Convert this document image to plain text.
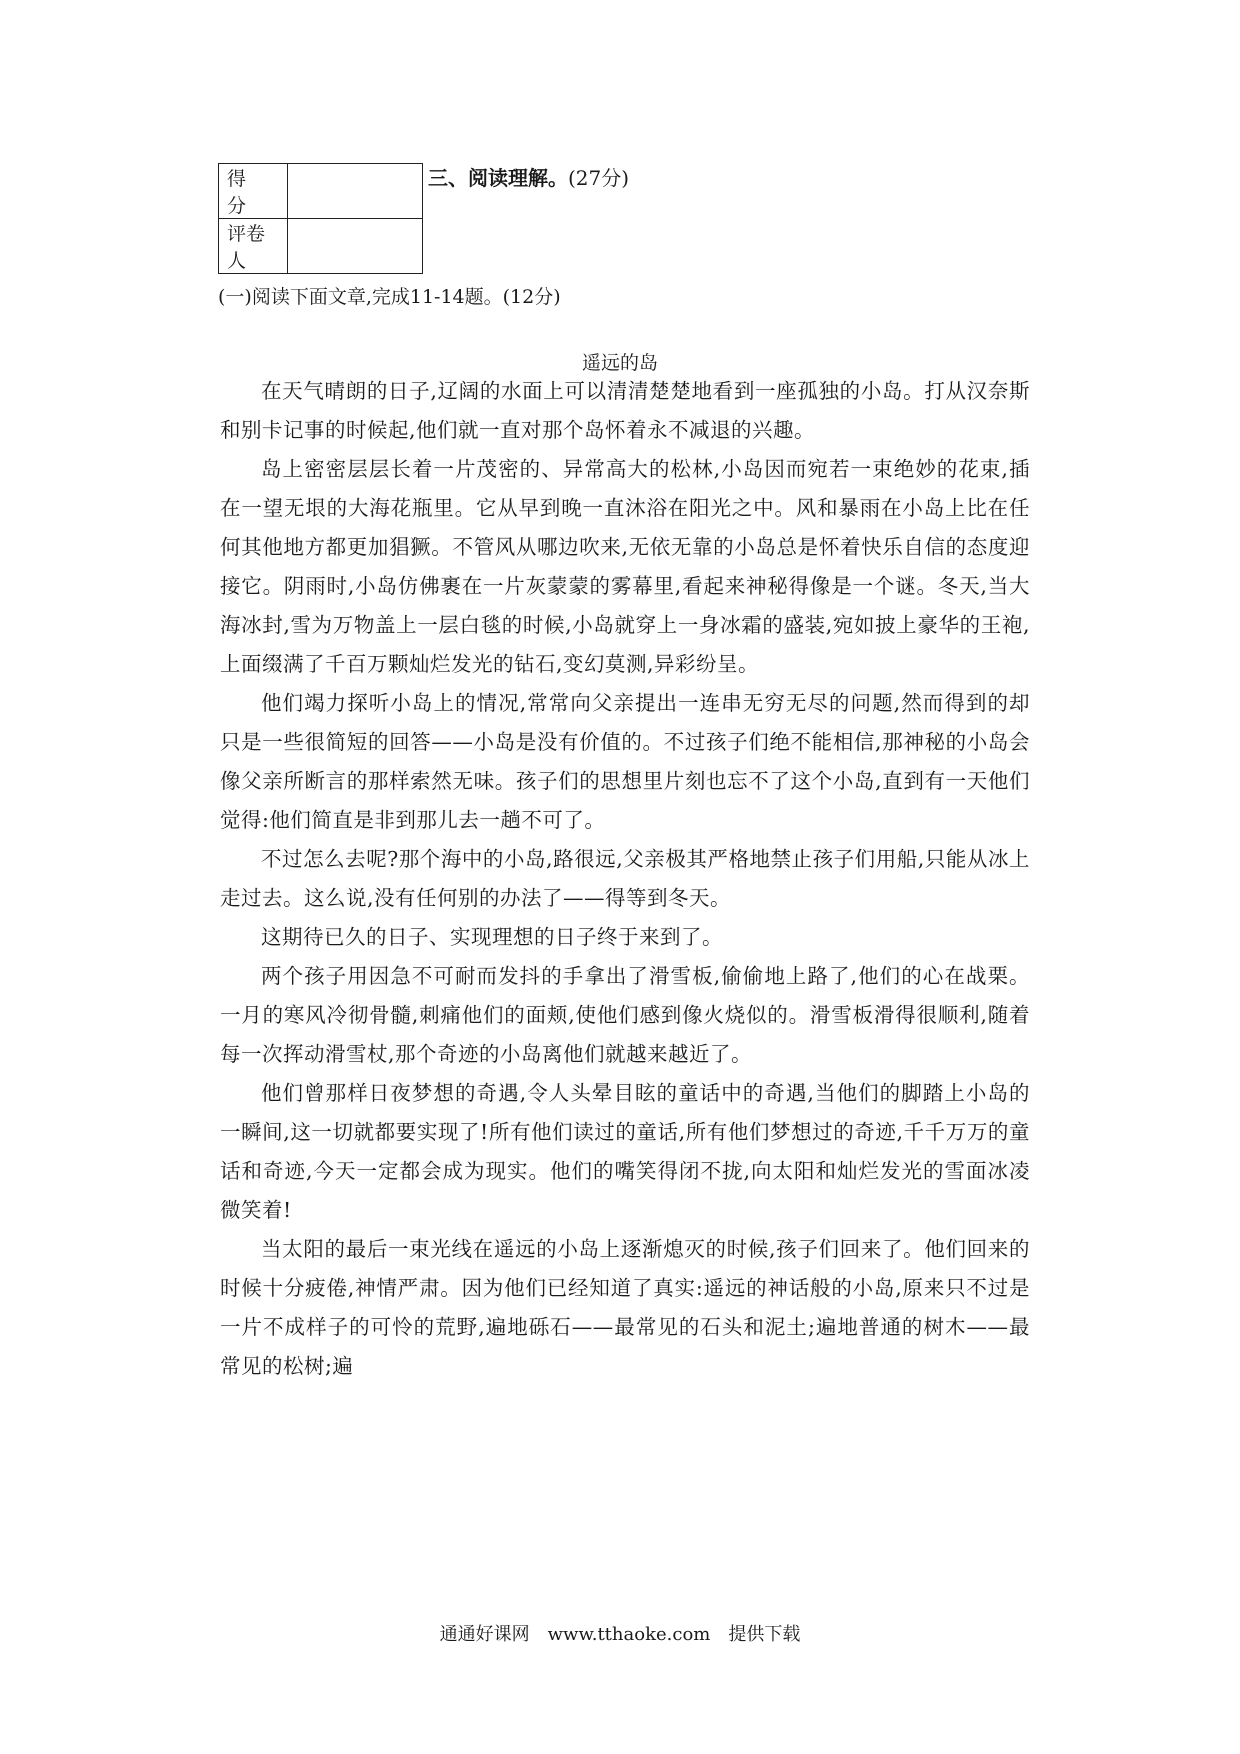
得　分	
评卷人	
三、阅读理解。(27分)
(一)阅读下面文章,完成11-14题。(12分)
遥远的岛

在天气晴朗的日子,辽阔的水面上可以清清楚楚地看到一座孤独的小岛。打从汉奈斯和别卡记事的时候起,他们就一直对那个岛怀着永不减退的兴趣。

岛上密密层层长着一片茂密的、异常高大的松林,小岛因而宛若一束绝妙的花束,插在一望无垠的大海花瓶里。它从早到晚一直沐浴在阳光之中。风和暴雨在小岛上比在任何其他地方都更加猖獗。不管风从哪边吹来,无依无靠的小岛总是怀着快乐自信的态度迎接它。阴雨时,小岛仿佛裹在一片灰蒙蒙的雾幕里,看起来神秘得像是一个谜。冬天,当大海冰封,雪为万物盖上一层白毯的时候,小岛就穿上一身冰霜的盛装,宛如披上豪华的王袍,上面缀满了千百万颗灿烂发光的钻石,变幻莫测,异彩纷呈。

他们竭力探听小岛上的情况,常常向父亲提出一连串无穷无尽的问题,然而得到的却只是一些很简短的回答——小岛是没有价值的。不过孩子们绝不能相信,那神秘的小岛会像父亲所断言的那样索然无味。孩子们的思想里片刻也忘不了这个小岛,直到有一天他们觉得:他们简直是非到那儿去一趟不可了。

不过怎么去呢?那个海中的小岛,路很远,父亲极其严格地禁止孩子们用船,只能从冰上走过去。这么说,没有任何别的办法了——得等到冬天。

这期待已久的日子、实现理想的日子终于来到了。

两个孩子用因急不可耐而发抖的手拿出了滑雪板,偷偷地上路了,他们的心在战栗。一月的寒风冷彻骨髓,刺痛他们的面颊,使他们感到像火烧似的。滑雪板滑得很顺利,随着每一次挥动滑雪杖,那个奇迹的小岛离他们就越来越近了。

他们曾那样日夜梦想的奇遇,令人头晕目眩的童话中的奇遇,当他们的脚踏上小岛的一瞬间,这一切就都要实现了!所有他们读过的童话,所有他们梦想过的奇迹,千千万万的童话和奇迹,今天一定都会成为现实。他们的嘴笑得闭不拢,向太阳和灿烂发光的雪面冰凌微笑着!

当太阳的最后一束光线在遥远的小岛上逐渐熄灭的时候,孩子们回来了。他们回来的时候十分疲倦,神情严肃。因为他们已经知道了真实:遥远的神话般的小岛,原来只不过是一片不成样子的可怜的荒野,遍地砾石——最常见的石头和泥土;遍地普通的树木——最常见的松树;遍

通通好课网　www.tthaoke.com　提供下载
